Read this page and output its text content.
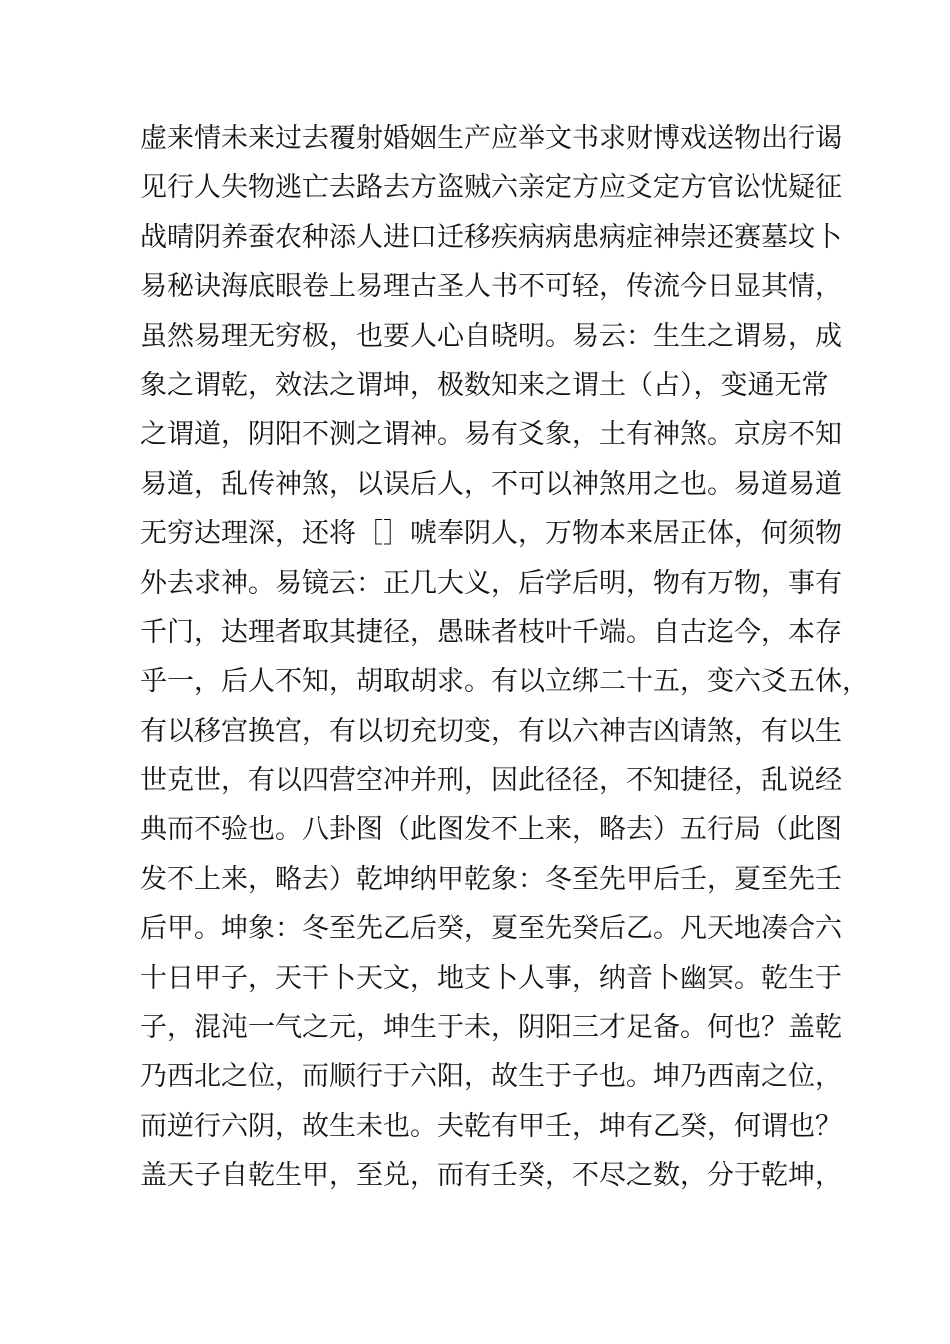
虚来情未来过去覆射婚姻生产应举文书求财博戏送物出行谒
见行人失物逃亡去路去方盗贼六亲定方应爻定方官讼忧疑征
战晴阴养蚕农种添人进口迁移疾病病患病症神崇还赛墓坟卜
易秘诀海底眼卷上易理古圣人书不可轻，传流今日显其情，
虽然易理无穷极，也要人心自晓明。易云：生生之谓易，成
象之谓乾，效法之谓坤，极数知来之谓土（占），变通无常
之谓道，阴阳不测之谓神。易有爻象，土有神煞。京房不知
易道，乱传神煞，以误后人，不可以神煞用之也。易道易道
无穷达理深，还将［］唬奉阴人，万物本来居正体，何须物
外去求神。易镜云：正几大义，后学后明，物有万物，事有
千门，达理者取其捷径，愚昧者枝叶千端。自古迄今，本存
乎一，后人不知，胡取胡求。有以立绑二十五，变六爻五休，
有以移宫换宫，有以切充切变，有以六神吉凶请煞，有以生
世克世，有以四营空冲并刑，因此径径，不知捷径，乱说经
典而不验也。八卦图（此图发不上来，略去）五行局（此图
发不上来，略去）乾坤纳甲乾象：冬至先甲后壬，夏至先壬
后甲。坤象：冬至先乙后癸，夏至先癸后乙。凡天地凑合六
十日甲子，天干卜天文，地支卜人事，纳音卜幽冥。乾生于
子，混沌一气之元，坤生于未，阴阳三才足备。何也？盖乾
乃西北之位，而顺行于六阳，故生于子也。坤乃西南之位，
而逆行六阴，故生未也。夫乾有甲壬，坤有乙癸，何谓也？
盖天子自乾生甲，至兑，而有壬癸，不尽之数，分于乾坤，
